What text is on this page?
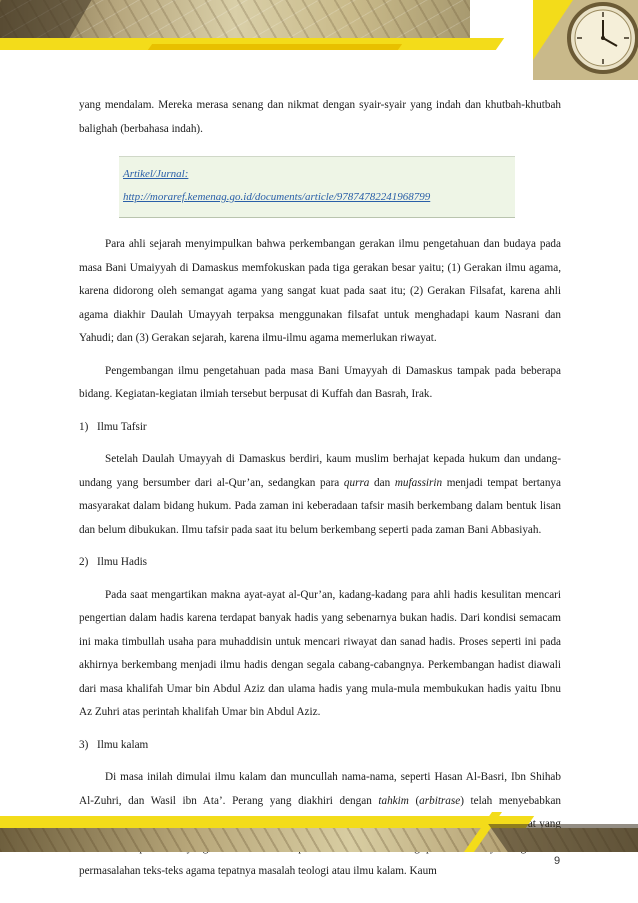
yang mendalam. Mereka merasa senang dan nikmat dengan syair-syair yang indah dan khutbah-khutbah balighah (berbahasa indah).

Artikel/Jurnal:
http://moraref.kemenag.go.id/documents/article/97874782241968799

Para ahli sejarah menyimpulkan bahwa perkembangan gerakan ilmu pengetahuan dan budaya pada masa Bani Umaiyyah di Damaskus memfokuskan pada tiga gerakan besar yaitu; (1) Gerakan ilmu agama, karena didorong oleh semangat agama yang sangat kuat pada saat itu; (2) Gerakan Filsafat, karena ahli agama diakhir Daulah Umayyah terpaksa menggunakan filsafat untuk menghadapi kaum Nasrani dan Yahudi; dan (3) Gerakan sejarah, karena ilmu-ilmu agama memerlukan riwayat.

Pengembangan ilmu pengetahuan pada masa Bani Umayyah di Damaskus tampak pada beberapa bidang. Kegiatan-kegiatan ilmiah tersebut berpusat di Kuffah dan Basrah, Irak.

1) Ilmu Tafsir

Setelah Daulah Umayyah di Damaskus berdiri, kaum muslim berhajat kepada hukum dan undang-undang yang bersumber dari al-Qur’an, sedangkan para qurra dan mufassirin menjadi tempat bertanya masyarakat dalam bidang hukum. Pada zaman ini keberadaan tafsir masih berkembang dalam bentuk lisan dan belum dibukukan. Ilmu tafsir pada saat itu belum berkembang seperti pada zaman Bani Abbasiyah.

2) Ilmu Hadis

Pada saat mengartikan makna ayat-ayat al-Qur’an, kadang-kadang para ahli hadis kesulitan mencari pengertian dalam hadis karena terdapat banyak hadis yang sebenarnya bukan hadis. Dari kondisi semacam ini maka timbullah usaha para muhaddisin untuk mencari riwayat dan sanad hadis. Proses seperti ini pada akhirnya berkembang menjadi ilmu hadis dengan segala cabang-cabangnya. Perkembangan hadist diawali dari masa khalifah Umar bin Abdul Aziz dan ulama hadis yang mula-mula membukukan hadis yaitu Ibnu Az Zuhri atas perintah khalifah Umar bin Abdul Aziz.

3) Ilmu kalam

Di masa inilah dimulai ilmu kalam dan muncullah nama-nama, seperti Hasan Al-Basri, Ibn Shihab Al-Zuhri, dan Wasil ibn Ata’. Perang yang diakhiri dengan tahkim (arbitrase) telah menyebabkan permasalahan teks-teks agama tepatnya masalah teologi atau ilmu kalam. Kaum

9
